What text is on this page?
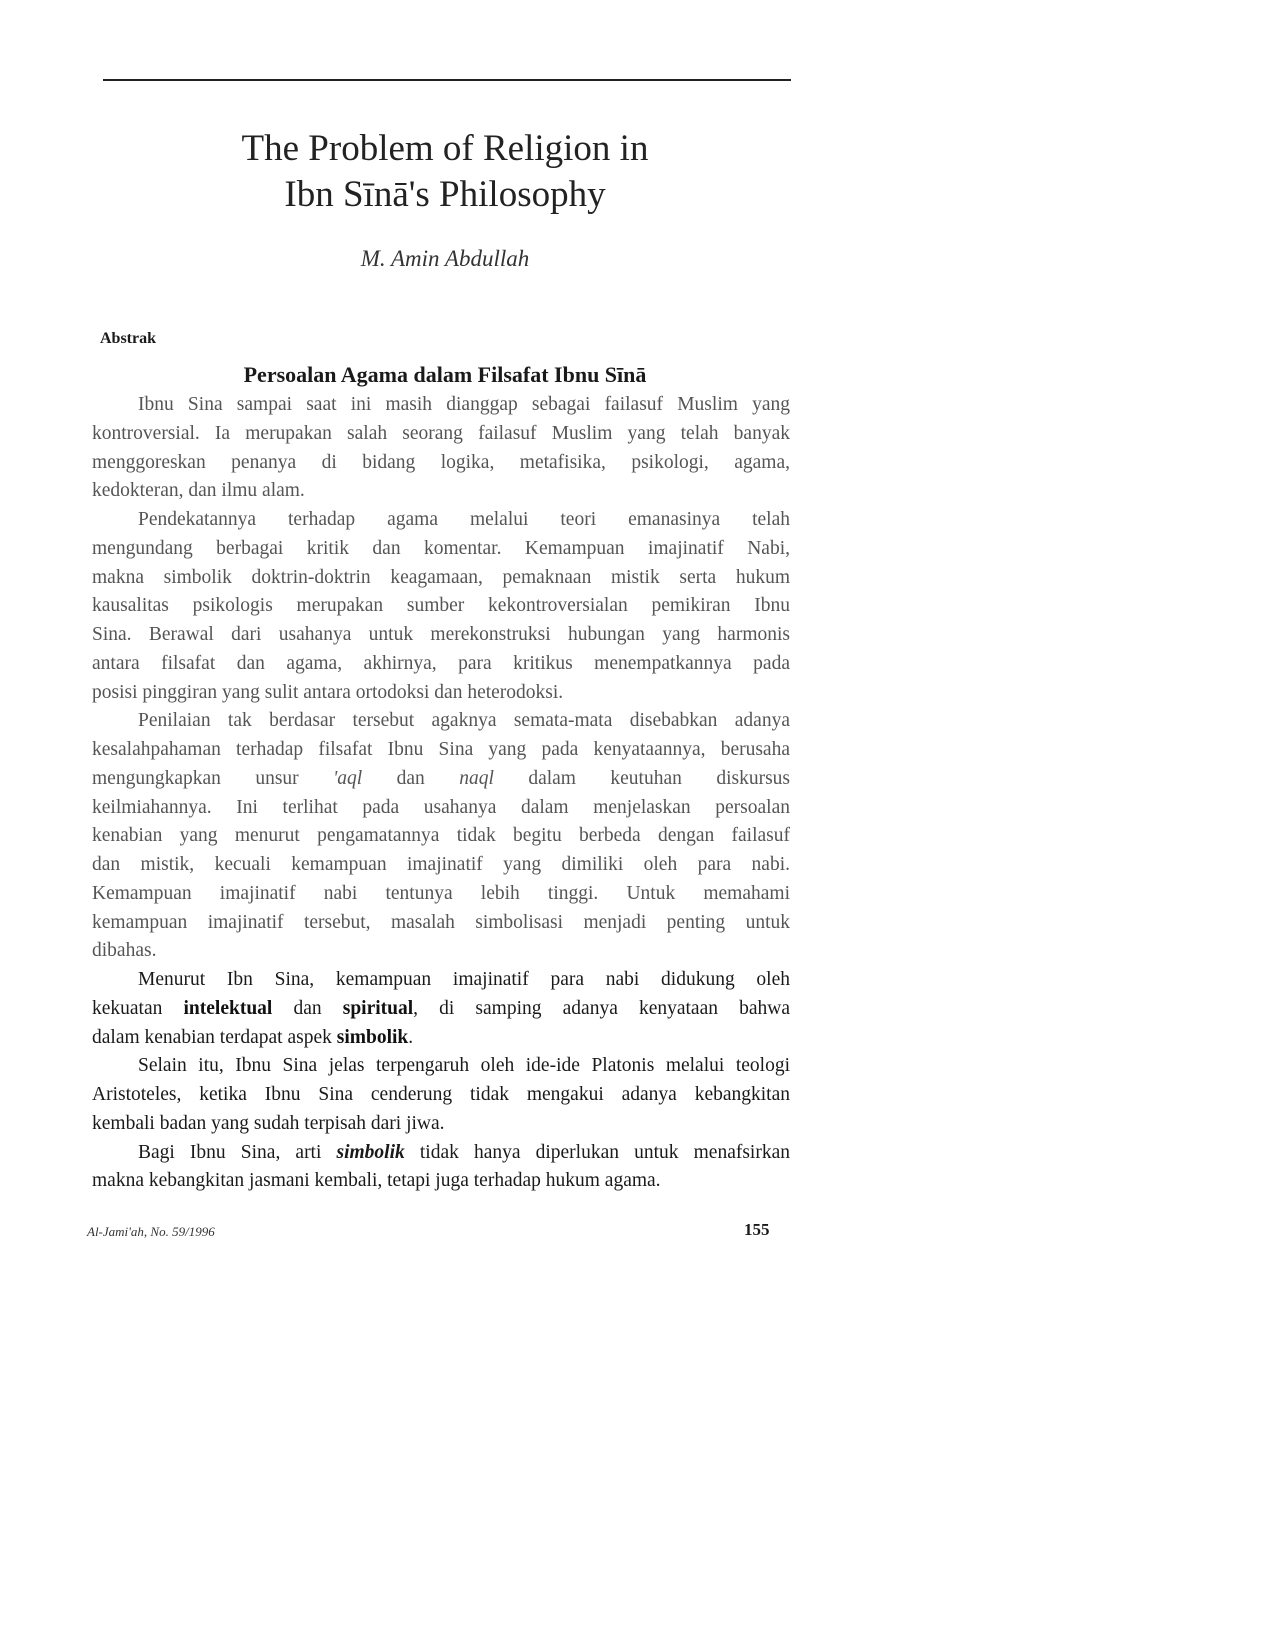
The Problem of Religion in
Ibn Sīnā's Philosophy
M. Amin Abdullah
Abstrak
Persoalan Agama dalam Filsafat Ibnu Sīnā
Ibnu Sina sampai saat ini masih dianggap sebagai failasuf Muslim yang
kontroversial. Ia merupakan salah seorang failasuf Muslim yang telah banyak
menggoreskan penanya di bidang logika, metafisika, psikologi, agama,
kedokteran, dan ilmu alam.
Pendekatannya terhadap agama melalui teori emanasinya telah
mengundang berbagai kritik dan komentar. Kemampuan imajinatif Nabi,
makna simbolik doktrin-doktrin keagamaan, pemaknaan mistik serta hukum
kausalitas psikologis merupakan sumber kekontroversialan pemikiran Ibnu
Sina. Berawal dari usahanya untuk merekonstruksi hubungan yang harmonis
antara filsafat dan agama, akhirnya, para kritikus menempatkannya pada
posisi pinggiran yang sulit antara ortodoksi dan heterodoksi.
Penilaian tak berdasar tersebut agaknya semata-mata disebabkan adanya
kesalahpahaman terhadap filsafat Ibnu Sina yang pada kenyataannya, berusaha
mengungkapkan unsur 'aql dan naql dalam keutuhan diskursus
keilmiahannya. Ini terlihat pada usahanya dalam menjelaskan persoalan
kenabian yang menurut pengamatannya tidak begitu berbeda dengan failasuf
dan mistik, kecuali kemampuan imajinatif yang dimiliki oleh para nabi.
Kemampuan imajinatif nabi tentunya lebih tinggi. Untuk memahami
kemampuan imajinatif tersebut, masalah simbolisasi menjadi penting untuk
dibahas.
Menurut Ibn Sina, kemampuan imajinatif para nabi didukung oleh
kekuatan intelektual dan spiritual, di samping adanya kenyataan bahwa
dalam kenabian terdapat aspek simbolik.
Selain itu, Ibnu Sina jelas terpengaruh oleh ide-ide Platonis melalui teologi
Aristoteles, ketika Ibnu Sina cenderung tidak mengakui adanya kebangkitan
kembali badan yang sudah terpisah dari jiwa.
Bagi Ibnu Sina, arti simbolik tidak hanya diperlukan untuk menafsirkan
makna kebangkitan jasmani kembali, tetapi juga terhadap hukum agama.
Al-Jami'ah, No. 59/1996	155
